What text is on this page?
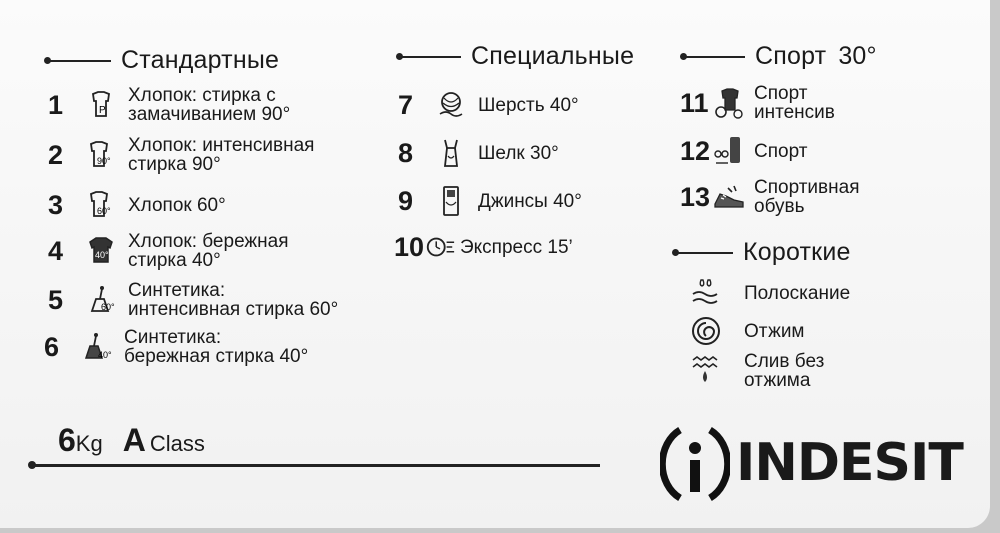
Стандартные	Специальные	Спорт 30°
Короткие
1	P
Хлопок: стирка с
замачиванием 90°
2	90°
Хлопок: интенсивная
стирка 90°
3	60° Хлопок 60°
4	40°
Хлопок: бережная
стирка 40°
5	60°
Синтетика:
интенсивная стирка 60°
6	40°
Синтетика:
бережная стирка 40°
7	Шерсть 40°
8	Шелк 30°
9	Джинсы 40°
10 Экспресс 15’
11 Спорт
интенсив
12 Спорт
13 Спортивная
обувь
Полоскание
Отжим
Слив без
отжима
6 Kg A Class	INDESIT
